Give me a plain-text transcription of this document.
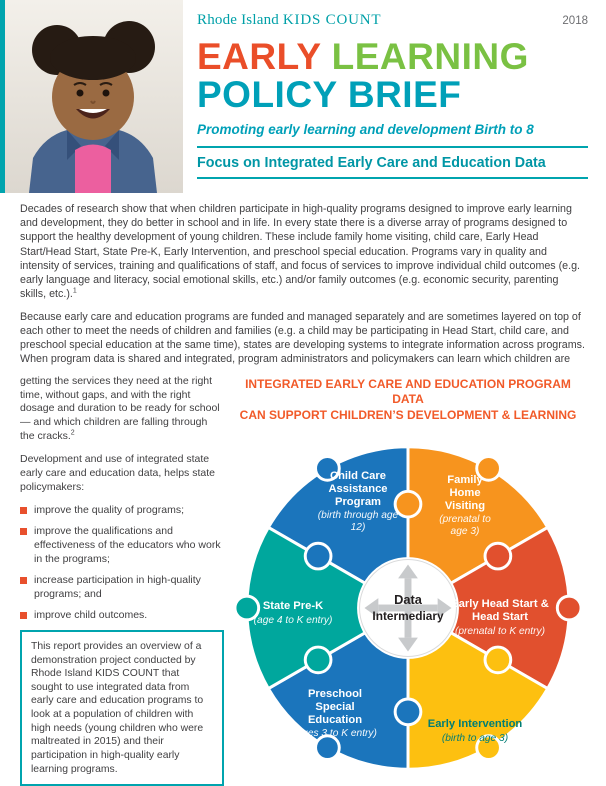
Rhode Island KIDS COUNT	2018
EARLY LEARNING
POLICY BRIEF
Promoting early learning and development Birth to 8
Focus on Integrated Early Care and Education Data

Decades of research show that when children participate in high-quality programs designed to improve early learning and development, they do better in school and in life. In every state there is a diverse array of programs designed to support the healthy development of young children. These include family home visiting, child care, Early Head Start/Head Start, State Pre-K, Early Intervention, and preschool special education. Programs vary in quality and intensity of services, training and qualifications of staff, and focus of services to improve individual child outcomes (e.g. early language and literacy, social emotional skills, etc.) and/or family outcomes (e.g. economic security, parenting skills, etc.).$^1$

Because early care and education programs are funded and managed separately and are sometimes layered on top of each other to meet the needs of children and families (e.g. a child may be participating in Head Start, child care, and preschool special education at the same time), states are developing systems to integrate information across programs. When program data is shared and integrated, program administrators and policymakers can learn which children are

getting the services they need at the right time, without gaps, and with the right dosage and duration to be ready for school — and which children are falling through the cracks.$^2$

Development and use of integrated state early care and education data, helps state policymakers:

improve the quality of programs;
improve the qualifications and effectiveness of the educators who work in the programs;
increase participation in high-quality programs; and
improve child outcomes.
This report provides an overview of a demonstration project conducted by Rhode Island KIDS COUNT that sought to use integrated data from early care and education programs to look at a population of children with high needs (young children who were maltreated in 2015) and their participation in high-quality early learning programs.
INTEGRATED EARLY CARE AND EDUCATION PROGRAM DATA
CAN SUPPORT CHILDREN’S DEVELOPMENT & LEARNING
Data
Intermediary
Child Care Assistance Program
(birth through age 12)
Family Home Visiting
(prenatal to age 3)
Early Head Start & Head Start
(prenatal to K entry)
Early Intervention
(birth to age 3)
Preschool Special Education
(ages 3 to K entry)
State Pre-K
(age 4 to K entry)
